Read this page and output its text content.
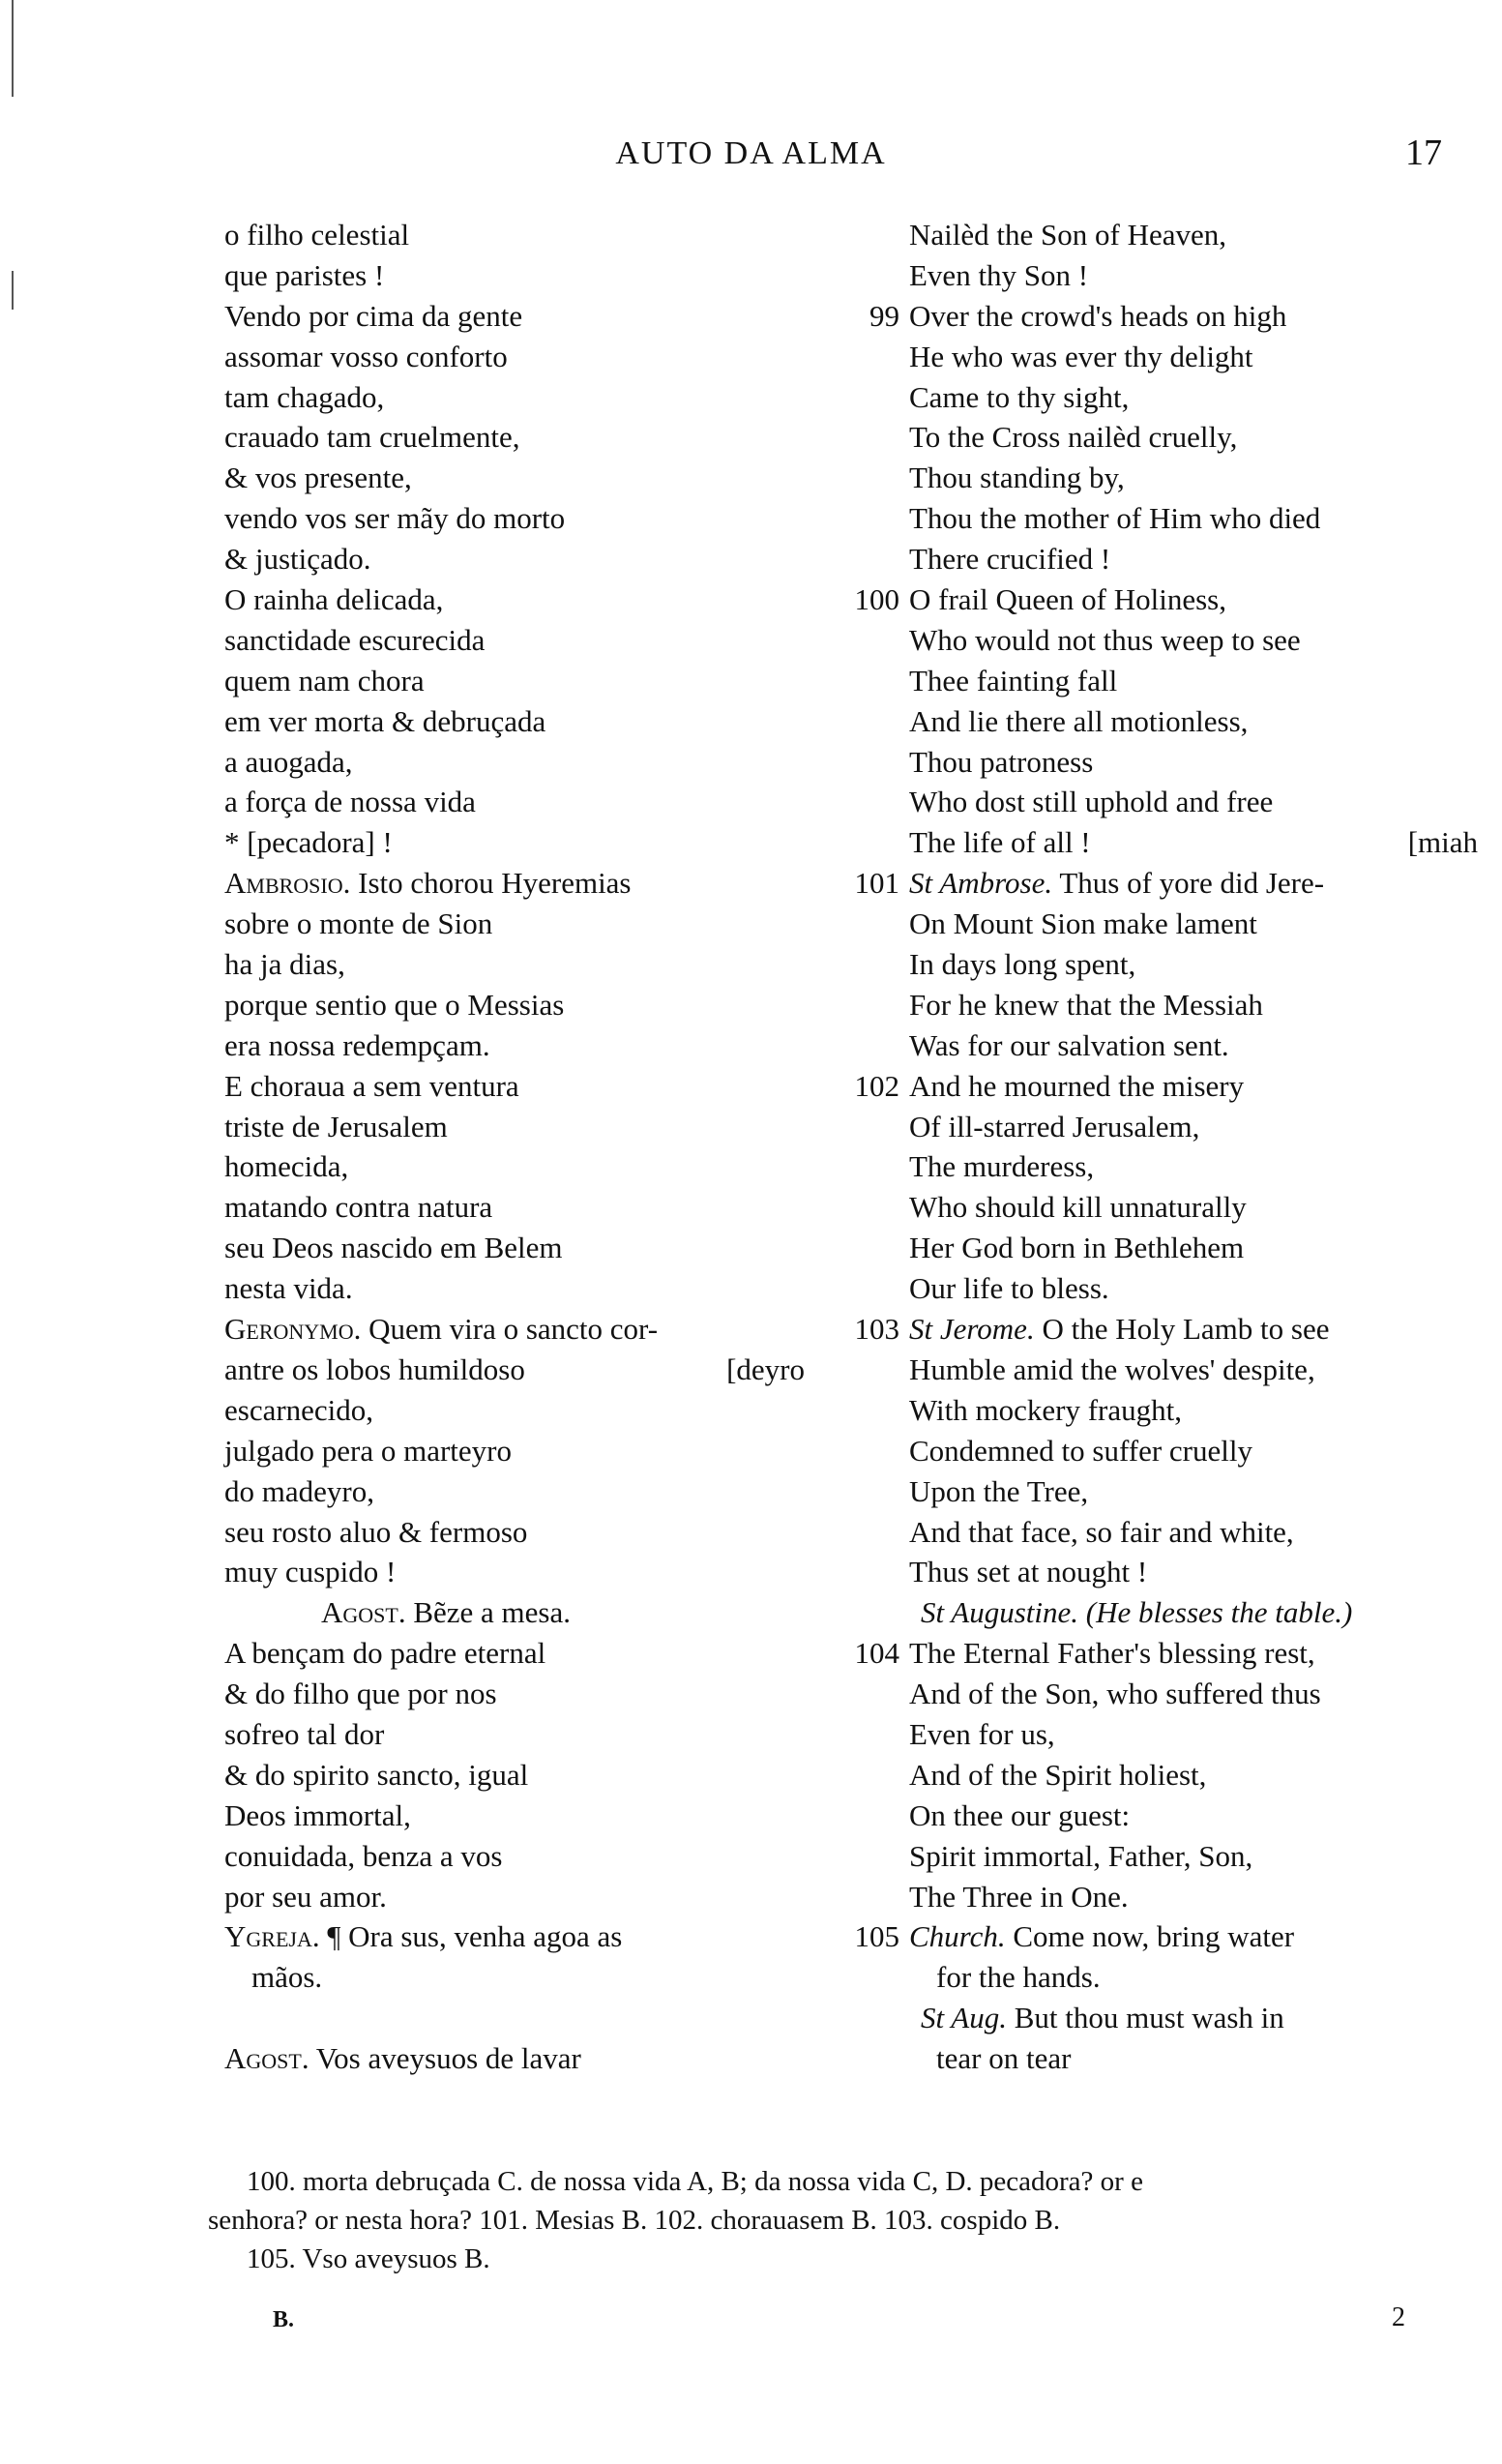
AUTO DA ALMA	17
o filho celestial
que paristes !
Vendo por cima da gente
assomar vosso conforto
tam chagado,
crauado tam cruelmente,
& vos presente,
vendo vos ser mãy do morto
& justiçado.
O rainha delicada,
sanctidade escurecida
quem nam chora
em ver morta & debruçada
a auogada,
a força de nossa vida
* [pecadora] !
Ambrosio. Isto chorou Hyeremias
sobre o monte de Sion
ha ja dias,
porque sentio que o Messias
era nossa redempçam.
E choraua a sem ventura
triste de Jerusalem
homecida,
matando contra natura
seu Deos nascido em Belem
nesta vida.
Geronymo. Quem vira o sancto cor-
antre os lobos humildoso	[deyro
escarnecido,
julgado pera o marteyro
do madeyro,
seu rosto aluo & fermoso
muy cuspido !
Agost. Bẽze a mesa.
A bençam do padre eternal
& do filho que por nos
sofreo tal dor
& do spirito sancto, igual
Deos immortal,
conuidada, benza a vos
por seu amor.
Ygreja. ¶ Ora sus, venha agoa as
mãos.
Agost. Vos aveysuos de lavar
Nailèd the Son of Heaven,
Even thy Son !
99 Over the crowd's heads on high
He who was ever thy delight
Came to thy sight,
To the Cross nailèd cruelly,
Thou standing by,
Thou the mother of Him who died
There crucified !
100 O frail Queen of Holiness,
Who would not thus weep to see
Thee fainting fall
And lie there all motionless,
Thou patroness
Who dost still uphold and free
The life of all !	[miah
101 St Ambrose. Thus of yore did Jere-
On Mount Sion make lament
In days long spent,
For he knew that the Messiah
Was for our salvation sent.
102 And he mourned the misery
Of ill-starred Jerusalem,
The murderess,
Who should kill unnaturally
Her God born in Bethlehem
Our life to bless.
103 St Jerome. O the Holy Lamb to see
Humble amid the wolves' despite,
With mockery fraught,
Condemned to suffer cruelly
Upon the Tree,
And that face, so fair and white,
Thus set at nought !
St Augustine. (He blesses the table.)
104 The Eternal Father's blessing rest,
And of the Son, who suffered thus
Even for us,
And of the Spirit holiest,
On thee our guest:
Spirit immortal, Father, Son,
The Three in One.
105 Church. Come now, bring water
for the hands.
St Aug. But thou must wash in
tear on tear
100. morta debruçada C. de nossa vida A, B; da nossa vida C, D. pecadora? or e
senhora? or nesta hora? 101. Mesias B. 102. chorauasem B. 103. cospido B.
105. Vso aveysuos B.
B.	2
